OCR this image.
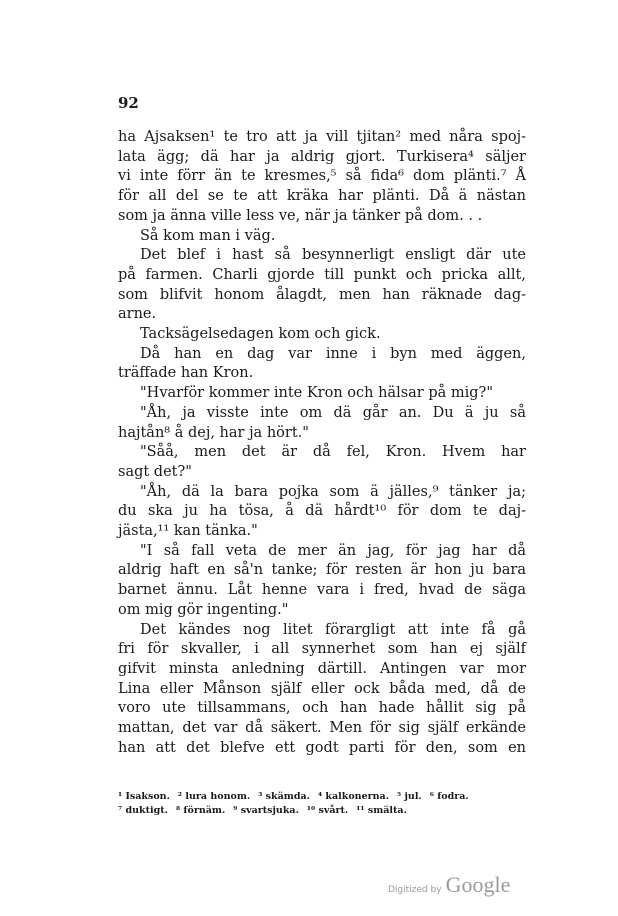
92
ha Ajsaksen¹ te tro att ja vill tjitan² med nåra spoj-
lata ägg; dä har ja aldrig gjort. Turkisera⁴ säljer
vi inte förr än te kresmes,⁵ så fida⁶ dom plänti.⁷ Å
för all del se te att kräka har plänti. Då ä nästan
som ja änna ville less ve, när ja tänker på dom. . .
Så kom man i väg.
Det blef i hast så besynnerligt ensligt där ute
på farmen. Charli gjorde till punkt och pricka allt,
som blifvit honom ålagdt, men han räknade dag-
arne.
Tacksägelsedagen kom och gick.
Då han en dag var inne i byn med äggen,
träffade han Kron.
"Hvarför kommer inte Kron och hälsar på mig?"
"Åh, ja visste inte om dä går an. Du ä ju så
hajtån⁸ å dej, har ja hört."
"Såå, men det är då fel, Kron. Hvem har
sagt det?"
"Åh, dä la bara pojka som ä jälles,⁹ tänker ja;
du ska ju ha tösa, å dä hårdt¹⁰ för dom te daj-
jästa,¹¹ kan tänka."
"I så fall veta de mer än jag, för jag har då
aldrig haft en så'n tanke; för resten är hon ju bara
barnet ännu. Låt henne vara i fred, hvad de säga
om mig gör ingenting."
Det kändes nog litet förargligt att inte få gå
fri för skvaller, i all synnerhet som han ej själf
gifvit minsta anledning därtill. Antingen var mor
Lina eller Månson själf eller ock båda med, då de
voro ute tillsammans, och han hade hållit sig på
mattan, det var då säkert. Men för sig själf erkände
han att det blefve ett godt parti för den, som en
¹ Isakson. ² lura honom. ³ skämda. ⁴ kalkonerna. ⁵ jul. ⁶ fodra.
⁷ duktigt. ⁸ förnäm. ⁹ svartsjuka. ¹⁰ svårt. ¹¹ smälta.
Digitized by Google
